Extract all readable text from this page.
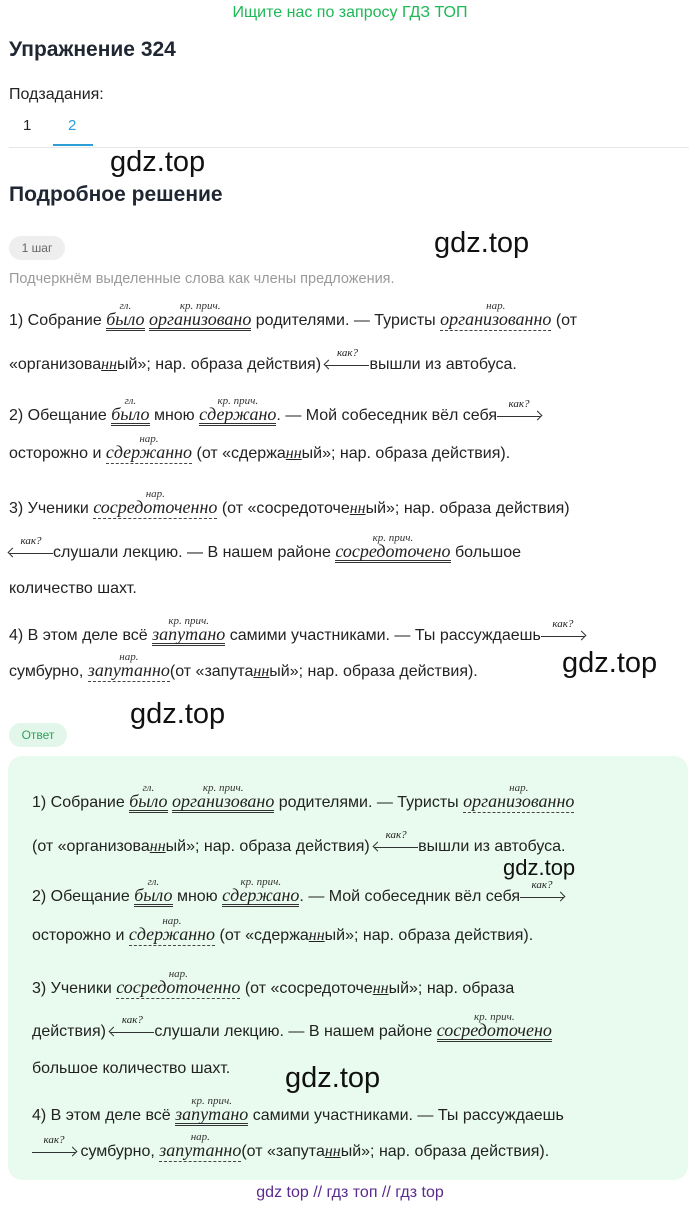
Ищите нас по запросу ГДЗ ТОП
Упражнение 324
Подзадания:
1 2
gdz.top
Подробное решение
1 шаг	gdz.top
Подчеркнём выделенные слова как члены предложения.
1) Собрание
гл.
было
кр. прич.
организовано родителями. — Туристы
нар.
организованно (от
«организованный»; нар. образа действия)
как?
вышли из автобуса.
2) Обещание
гл.
было мною
кр. прич.
сдержано. — Мой собеседник вёл себя
как?
осторожно и
нар.
сдержанно (от «сдержанный»; нар. образа действия).
3) Ученики
нар.
сосредоточенно (от «сосредоточенный»; нар. образа действия)
как?
слушали лекцию. — В нашем районе
кр. прич.
сосредоточено большое
количество шахт.
4) В этом деле всё
кр. прич.
запутано самими участниками. — Ты рассуждаешь
как?
сумбурно,
нар.
запутанно(от «запутанный»; нар. образа действия).	gdz.top
gdz.top
Ответ
1) Собрание
гл.
было
кр. прич.
организовано родителями. — Туристы
нар.
организованно
(от «организованный»; нар. образа действия)
как?
вышли из автобуса.
gdz.top
2) Обещание
гл.
было мною
кр. прич.
сдержано. — Мой собеседник вёл себя
как?
осторожно и
нар.
сдержанно (от «сдержанный»; нар. образа действия).
3) Ученики
нар.
сосредоточенно (от «сосредоточенный»; нар. образа
действия)
как?
слушали лекцию. — В нашем районе
кр. прич.
сосредоточено
большое количество шахт.	gdz.top
4) В этом деле всё
кр. прич.
запутано самими участниками. — Ты рассуждаешь
как?
сумбурно,
нар.
запутанно(от «запутанный»; нар. образа действия).
gdz top // гдз топ // гдз top
